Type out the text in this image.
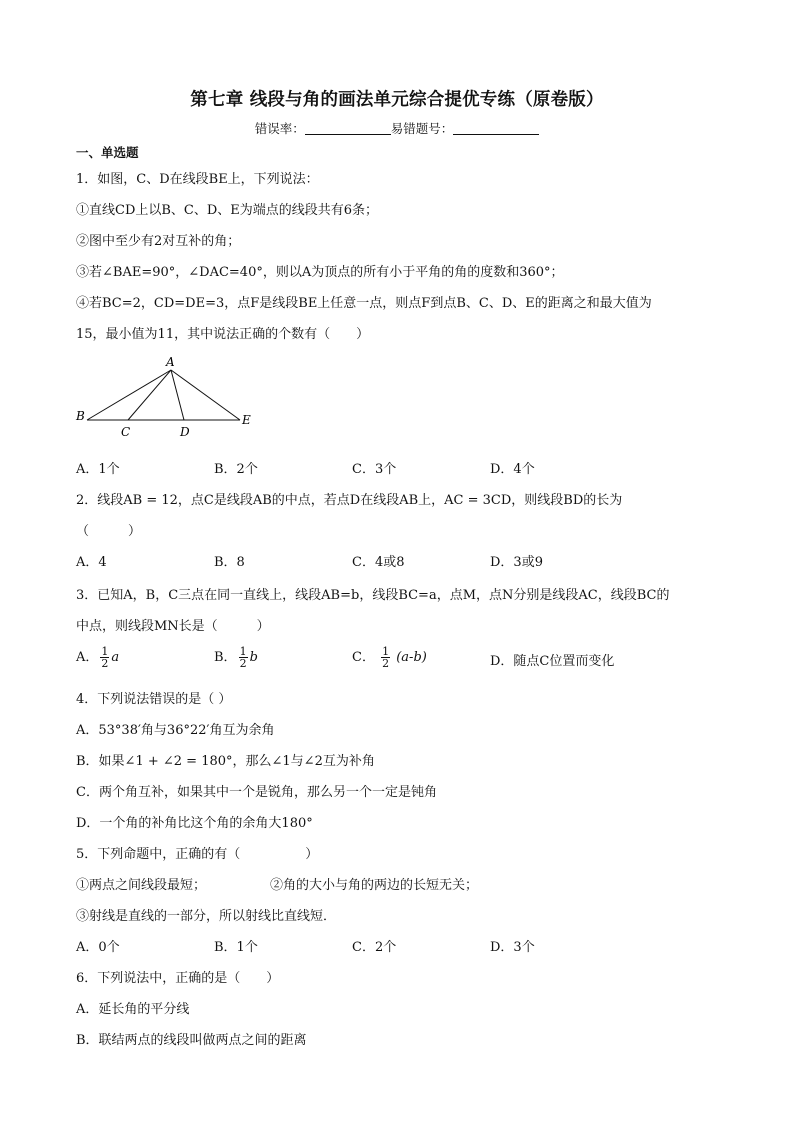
第七章 线段与角的画法单元综合提优专练（原卷版）
错误率：	易错题号：
一、单选题
1．如图，C、D在线段BE上，下列说法：
①直线CD上以B、C、D、E为端点的线段共有6条；
②图中至少有2对互补的角；
③若∠BAE=90°，∠DAC=40°，则以A为顶点的所有小于平角的角的度数和360°；
④若BC=2，CD=DE=3，点F是线段BE上任意一点，则点F到点B、C、D、E的距离之和最大值为
15，最小值为11，其中说法正确的个数有（　　）
A
B
C	D
E
A．1个	B．2个	C．3个	D．4个
2．线段AB = 12，点C是线段AB的中点，若点D在线段AB上，AC = 3CD，则线段BD的长为
（　　　）
A．4	B．8	C．4或8	D．3或9
3．已知A，B，C三点在同一直线上，线段AB=b，线段BC=a，点M，点N分别是线段AC，线段BC的
中点，则线段MN长是（　　　）
A． $\frac{1}{2}$ a	B． $\frac{1}{2}$ b	C． $\frac{1}{2} (a-b)$	D．随点C位置而变化
4．下列说法错误的是（ ）
A．53°38′角与36°22′角互为余角
B．如果∠1 + ∠2 = 180°，那么∠1与∠2互为补角
C．两个角互补，如果其中一个是锐角，那么另一个一定是钝角
D．一个角的补角比这个角的余角大180°
5．下列命题中，正确的有（　　　　　）
①两点之间线段最短；	②角的大小与角的两边的长短无关；
③射线是直线的一部分，所以射线比直线短．
A．0个	B．1个	C．2个	D．3个
6．下列说法中，正确的是（　　）
A．延长角的平分线
B．联结两点的线段叫做两点之间的距离
